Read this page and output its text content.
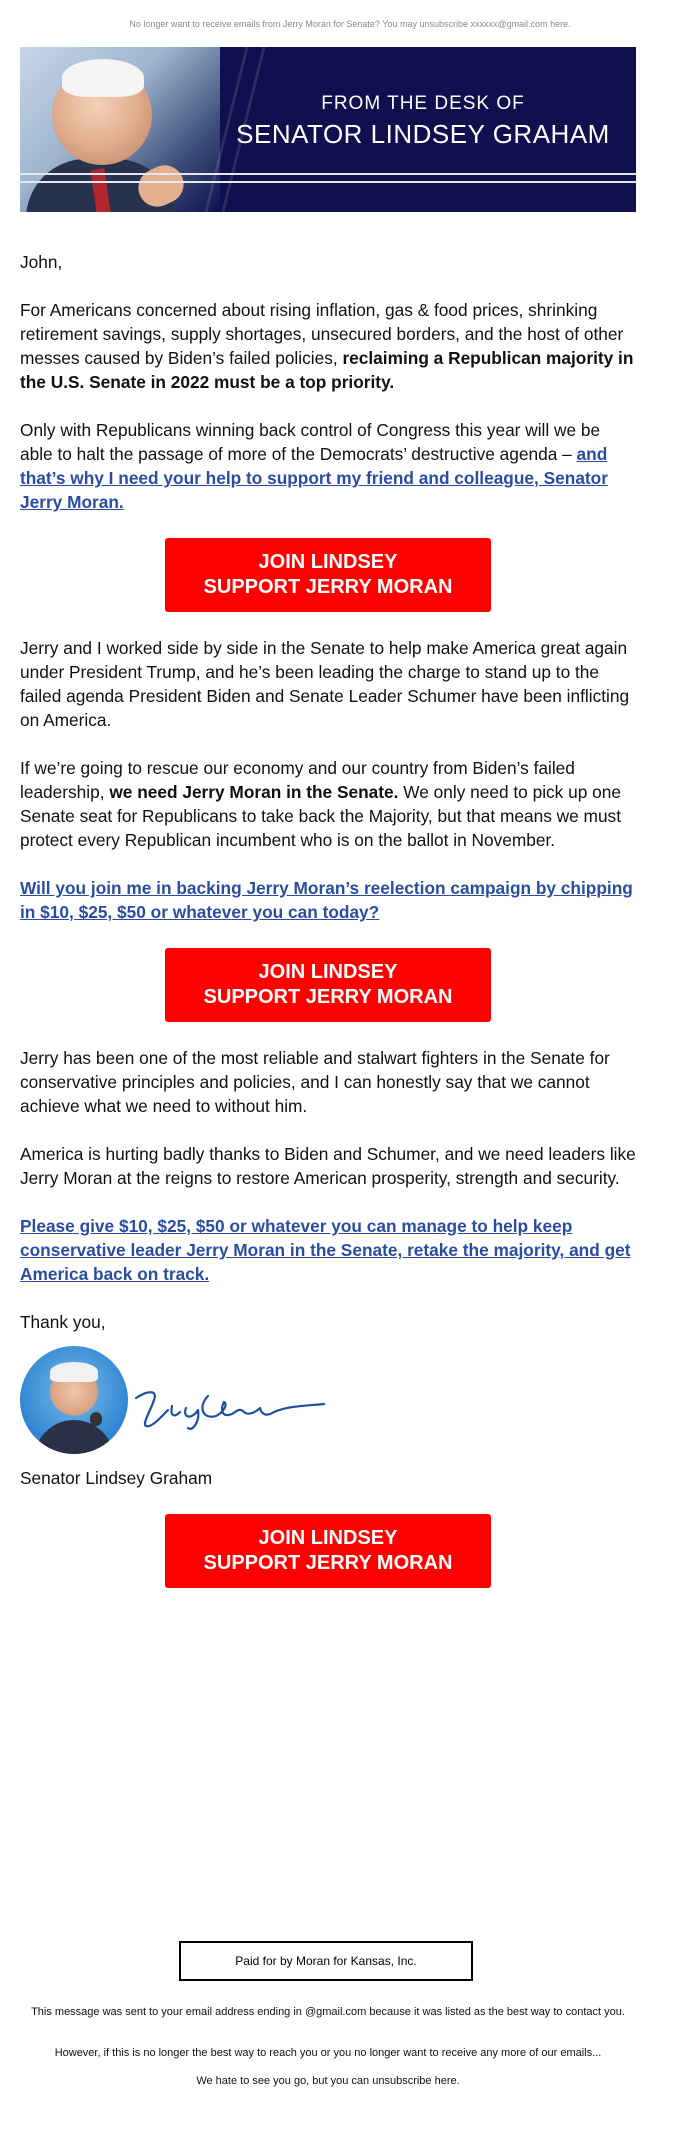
No longer want to receive emails from Jerry Moran for Senate? You may unsubscribe xxxxxx@gmail.com here.
FROM THE DESK OF
SENATOR LINDSEY GRAHAM

John,

For Americans concerned about rising inflation, gas & food prices, shrinking retirement savings, supply shortages, unsecured borders, and the host of other messes caused by Biden’s failed policies, reclaiming a Republican majority in the U.S. Senate in 2022 must be a top priority.

Only with Republicans winning back control of Congress this year will we be able to halt the passage of more of the Democrats’ destructive agenda – and that’s why I need your help to support my friend and colleague, Senator Jerry Moran.

JOIN LINDSEY
SUPPORT JERRY MORAN

Jerry and I worked side by side in the Senate to help make America great again under President Trump, and he’s been leading the charge to stand up to the failed agenda President Biden and Senate Leader Schumer have been inflicting on America.

If we’re going to rescue our economy and our country from Biden’s failed leadership, we need Jerry Moran in the Senate. We only need to pick up one Senate seat for Republicans to take back the Majority, but that means we must protect every Republican incumbent who is on the ballot in November.

Will you join me in backing Jerry Moran’s reelection campaign by chipping in $10, $25, $50 or whatever you can today?

JOIN LINDSEY
SUPPORT JERRY MORAN

Jerry has been one of the most reliable and stalwart fighters in the Senate for conservative principles and policies, and I can honestly say that we cannot achieve what we need to without him.

America is hurting badly thanks to Biden and Schumer, and we need leaders like Jerry Moran at the reigns to restore American prosperity, strength and security.

Please give $10, $25, $50 or whatever you can manage to help keep conservative leader Jerry Moran in the Senate, retake the majority, and get America back on track.

Thank you,

Senator Lindsey Graham

JOIN LINDSEY
SUPPORT JERRY MORAN
Paid for by Moran for Kansas, Inc.
This message was sent to your email address ending in @gmail.com because it was listed as the best way to contact you.
However, if this is no longer the best way to reach you or you no longer want to receive any more of our emails...
We hate to see you go, but you can unsubscribe here.
